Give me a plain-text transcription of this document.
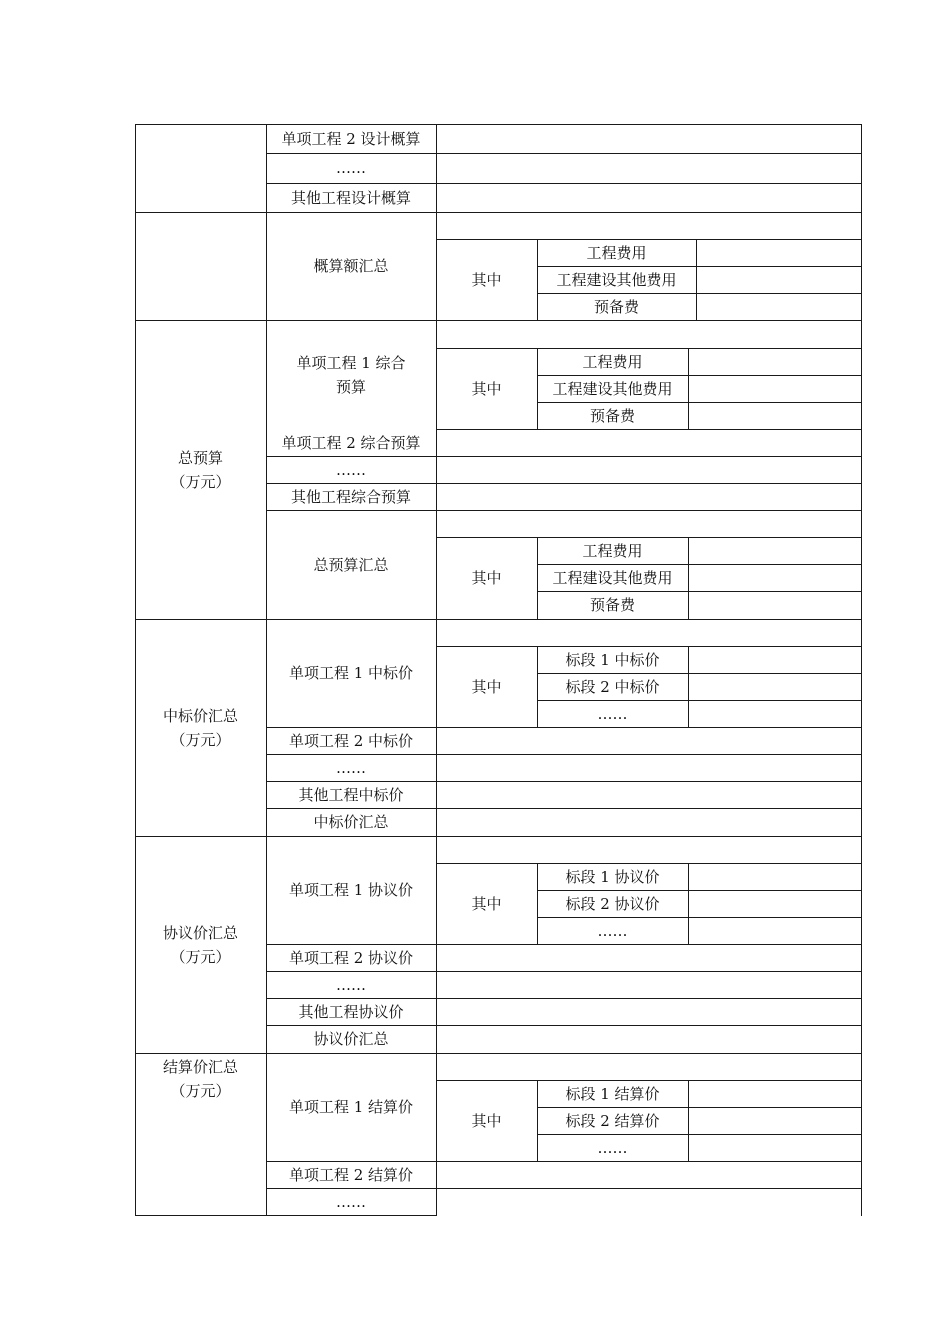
单项工程 2 设计概算
……
其他工程设计概算
概算额汇总
其中
工程费用
工程建设其他费用
预备费
总预算
（万元）
单项工程 1 综合
预算	其中
工程费用
工程建设其他费用
预备费
单项工程 2 综合预算
……
其他工程综合预算
总预算汇总
其中
工程费用
工程建设其他费用
预备费
中标价汇总
（万元）
单项工程 1 中标价
其中
标段 1 中标价
标段 2 中标价
……
单项工程 2 中标价
……
其他工程中标价
中标价汇总
协议价汇总
（万元）
单项工程 1 协议价
其中
标段 1 协议价
标段 2 协议价
……
单项工程 2 协议价
……
其他工程协议价
协议价汇总
结算价汇总
（万元）
单项工程 1 结算价
其中
标段 1 结算价
标段 2 结算价
……
单项工程 2 结算价
……
